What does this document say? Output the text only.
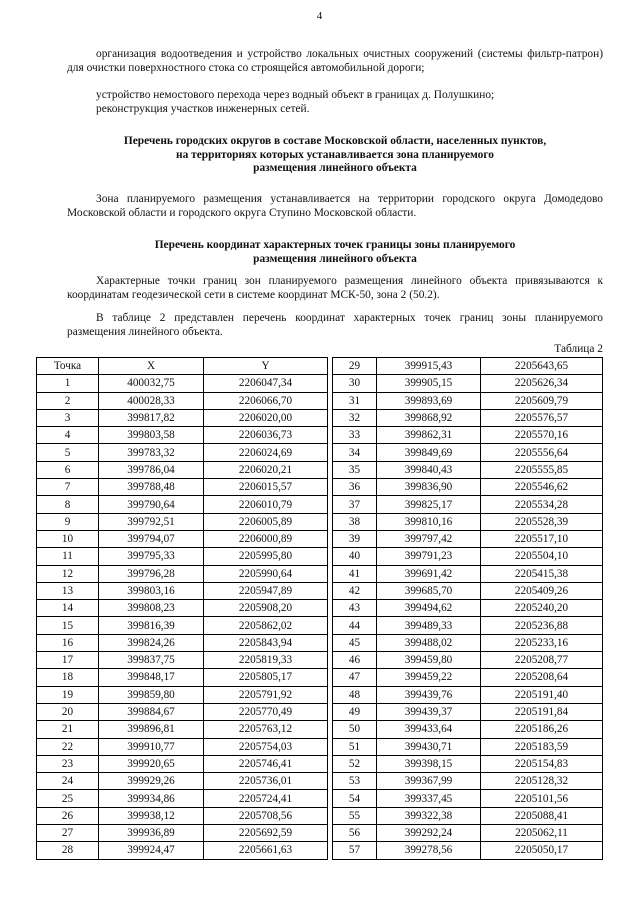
4
организация водоотведения и устройство локальных очистных сооружений (системы фильтр-патрон) для очистки поверхностного стока со строящейся автомобильной дороги;
устройство немостового перехода через водный объект в границах д. Полушкино;
реконструкция участков инженерных сетей.
Перечень городских округов в составе Московской области, населенных пунктов,
на территориях которых устанавливается зона планируемого
размещения линейного объекта
Зона планируемого размещения устанавливается на территории городского округа Домодедово Московской области и городского округа Ступино Московской области.
Перечень координат характерных точек границы зоны планируемого
размещения линейного объекта
Характерные точки границ зон планируемого размещения линейного объекта привязываются к координатам геодезической сети в системе координат МСК-50, зона 2 (50.2).
В таблице 2 представлен перечень координат характерных точек границ зоны планируемого размещения линейного объекта.
Таблица 2
Точка	X	Y
1	400032,75	2206047,34
2	400028,33	2206066,70
3	399817,82	2206020,00
4	399803,58	2206036,73
5	399783,32	2206024,69
6	399786,04	2206020,21
7	399788,48	2206015,57
8	399790,64	2206010,79
9	399792,51	2206005,89
10	399794,07	2206000,89
11	399795,33	2205995,80
12	399796,28	2205990,64
13	399803,16	2205947,89
14	399808,23	2205908,20
15	399816,39	2205862,02
16	399824,26	2205843,94
17	399837,75	2205819,33
18	399848,17	2205805,17
19	399859,80	2205791,92
20	399884,67	2205770,49
21	399896,81	2205763,12
22	399910,77	2205754,03
23	399920,65	2205746,41
24	399929,26	2205736,01
25	399934,86	2205724,41
26	399938,12	2205708,56
27	399936,89	2205692,59
28	399924,47	2205661,63
29	399915,43	2205643,65
30	399905,15	2205626,34
31	399893,69	2205609,79
32	399868,92	2205576,57
33	399862,31	2205570,16
34	399849,69	2205556,64
35	399840,43	2205555,85
36	399836,90	2205546,62
37	399825,17	2205534,28
38	399810,16	2205528,39
39	399797,42	2205517,10
40	399791,23	2205504,10
41	399691,42	2205415,38
42	399685,70	2205409,26
43	399494,62	2205240,20
44	399489,33	2205236,88
45	399488,02	2205233,16
46	399459,80	2205208,77
47	399459,22	2205208,64
48	399439,76	2205191,40
49	399439,37	2205191,84
50	399433,64	2205186,26
51	399430,71	2205183,59
52	399398,15	2205154,83
53	399367,99	2205128,32
54	399337,45	2205101,56
55	399322,38	2205088,41
56	399292,24	2205062,11
57	399278,56	2205050,17
